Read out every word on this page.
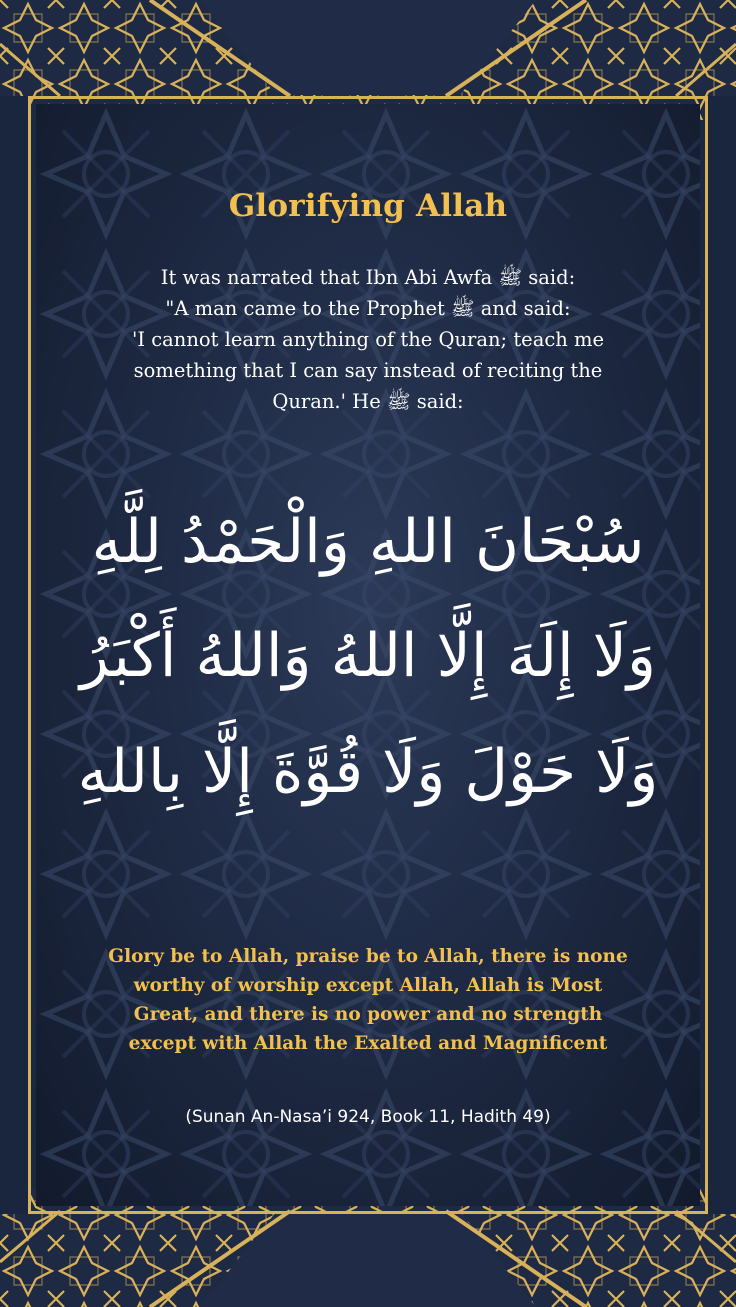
Glorifying Allah
It was narrated that Ibn Abi Awfa ﷺ said:
"A man came to the Prophet ﷺ and said:
'I cannot learn anything of the Quran; teach me
something that I can say instead of reciting the
Quran.' He ﷺ said:
سُبْحَانَ اللهِ وَالْحَمْدُ لِلَّهِ
وَلَا إِلَهَ إِلَّا اللهُ وَاللهُ أَكْبَرُ
وَلَا حَوْلَ وَلَا قُوَّةَ إِلَّا بِاللهِ
Glory be to Allah, praise be to Allah, there is none
worthy of worship except Allah, Allah is Most
Great, and there is no power and no strength
except with Allah the Exalted and Magnificent
(Sunan An-Nasa’i 924, Book 11, Hadith 49)
